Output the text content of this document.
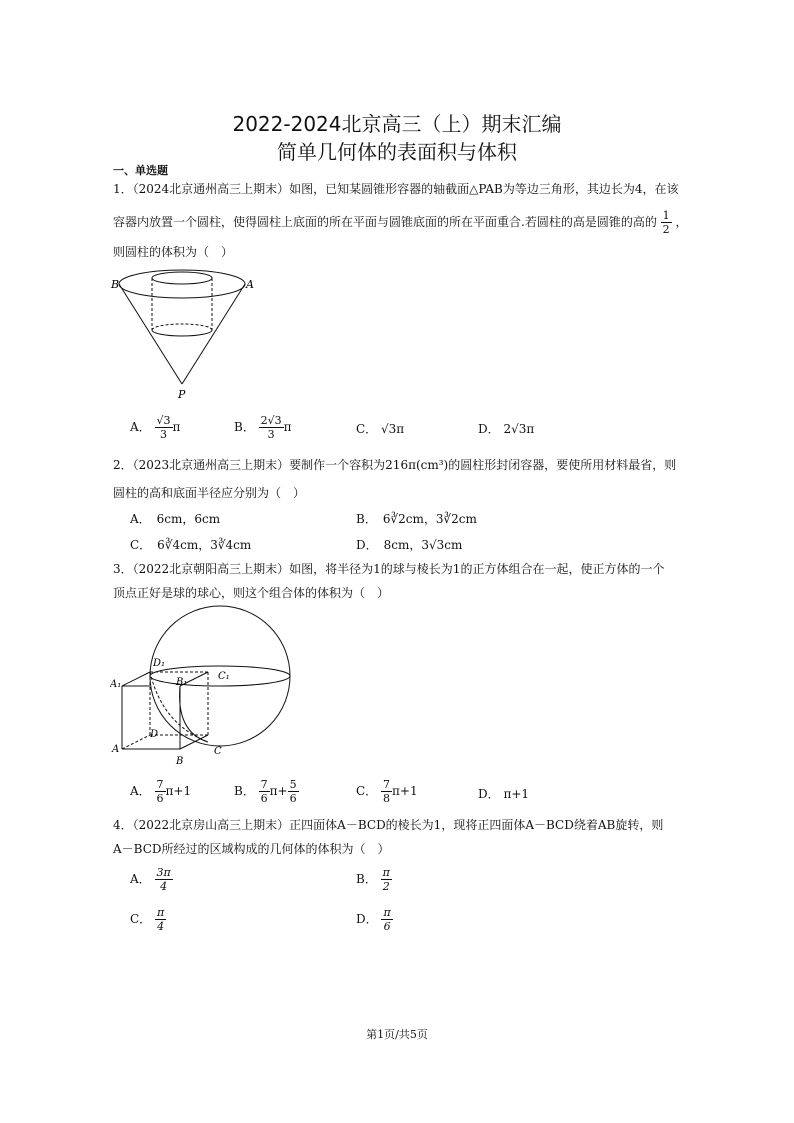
2022-2024北京高三（上）期末汇编
简单几何体的表面积与体积
一、单选题
1．（2024北京通州高三上期末）如图，已知某圆锥形容器的轴截面△PAB为等边三角形，其边长为4，在该
容器内放置一个圆柱，使得圆柱上底面的所在平面与圆锥底面的所在平面重合.若圆柱的高是圆锥的高的 $\frac{1}{2}$ ，
则圆柱的体积为（　）
B	A
P
A． $\frac{√3}{3}$ π	B． $\frac{2√3}{3}$ π	C． √3π	D． 2√3π
2．（2023北京通州高三上期末）要制作一个容积为216π(cm³)的圆柱形封闭容器，要使所用材料最省，则
圆柱的高和底面半径应分别为（　）
A．　6cm，6cm	B．　6∛2cm，3∛2cm
C．　6∛4cm，3∛4cm	D．　8cm，3√3cm
3．（2022北京朝阳高三上期末）如图，将半径为1的球与棱长为1的正方体组合在一起，使正方体的一个
顶点正好是球的球心，则这个组合体的体积为（　）
D₁
C₁
A₁	B₁
D
A
B
C
A． $\frac{7}{6} \pi+1$	B． $\frac{7}{6} \pi+ \frac{5}{6}$	C． $\frac{7}{8} \pi+1$	D． π+1
4．（2022北京房山高三上期末）正四面体A－BCD的棱长为1，现将正四面体A－BCD绕着AB旋转，则
A－BCD所经过的区域构成的几何体的体积为（　）
A． $\frac{3\pi}{4}$	B． $\frac{\pi}{2}$
C． $\frac{\pi}{4}$	D． $\frac{\pi}{6}$
第1页/共5页
